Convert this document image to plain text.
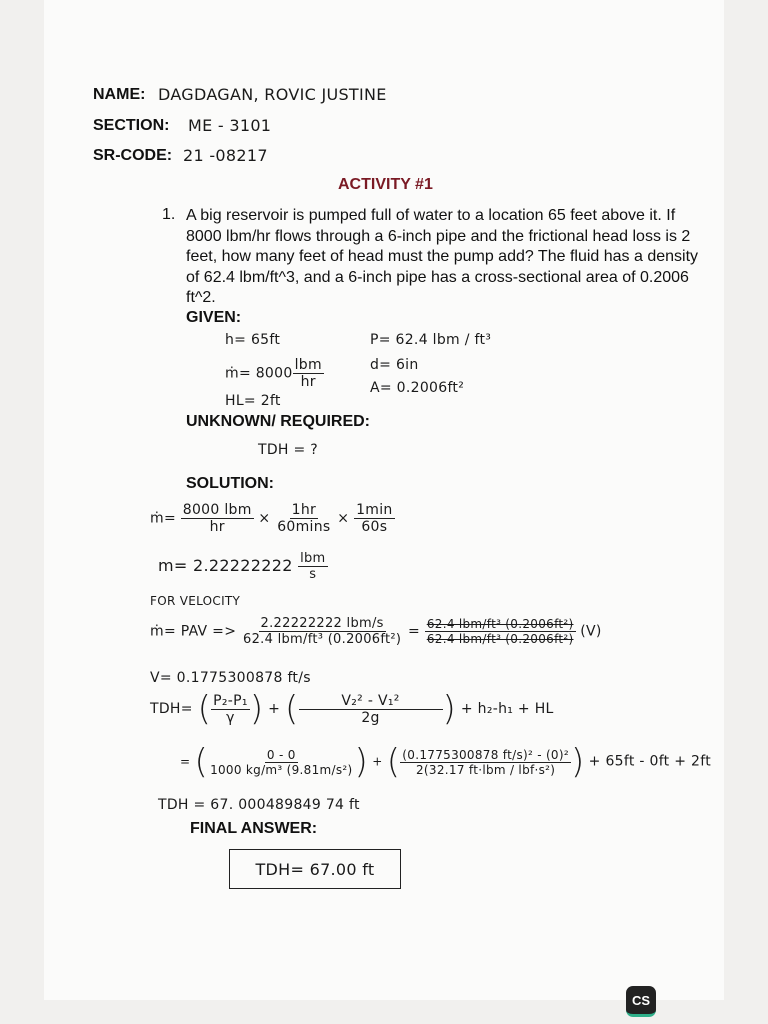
NAME: DAGDAGAN, ROVIC JUSTINE
SECTION: ME - 3101
SR-CODE: 21 -08217
ACTIVITY #1
1. A big reservoir is pumped full of water to a location 65 feet above it. If 8000 lbm/hr flows through a 6-inch pipe and the frictional head loss is 2 feet, how many feet of head must the pump add? The fluid has a density of 62.4 lbm/ft^3, and a 6-inch pipe has a cross-sectional area of 0.2006 ft^2.
GIVEN:
h= 65ft
ṁ= $8000 \frac{\text{lbm}}{hr}$
HL= 2ft
P= 62.4 lbm / ft³
d= 6in
A= 0.2006ft²
UNKNOWN/ REQUIRED:
TDH = ?
SOLUTION:
ṁ= $\frac{\text{8000 lbm}}{hr} \times \frac{1hr}{60\min s} \times \frac{1\min}{60s}$
$m= 2.22222222 \frac{\text{lbm}}{s}$
FOR VELOCITY
ṁ= PAV => $\frac{\text{2.22222222 lbm/s}}{\text{62.4 lbm/ft³ (0.2006ft²)}} = \frac{\text{62.4 lbm/ft³ (0.2006ft²)}}{\text{62.4 lbm/ft³ (0.2006ft²)}} (V)$
V= 0.1775300878 ft/s
TDH= ( $\frac{\text{P₂-P₁}}{\gamma}$ ) + ( $\frac{\text{V₂² - V₁²}}{2g}$ ) + h₂-h₁ + HL
= ( $\frac{0 - 0}{\text{1000 kg/m³ (9.81m/s²)}}$ ) + ( $\frac{\text{(0.1775300878 ft/s)² - (0)²}}{\text{2(32.17 ft·lbm / lbf·s²)}}$ ) + 65ft - 0ft + 2ft
TDH = 67. 000489849 74 ft
FINAL ANSWER:
TDH= 67.00 ft
CS
